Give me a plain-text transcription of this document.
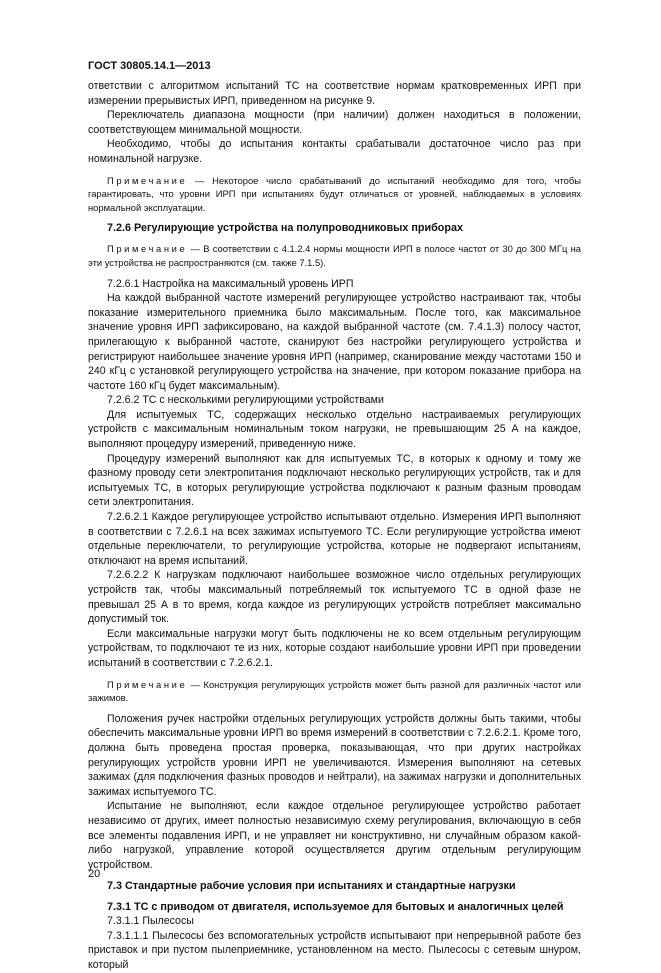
ГОСТ 30805.14.1—2013

ответствии с алгоритмом испытаний ТС на соответствие нормам кратковременных ИРП при измерении прерывистых ИРП, приведенном на рисунке 9.

Переключатель диапазона мощности (при наличии) должен находиться в положении, соответствующем минимальной мощности.

Необходимо, чтобы до испытания контакты срабатывали достаточное число раз при номинальной нагрузке.

Примечание — Некоторое число срабатываний до испытаний необходимо для того, чтобы гарантировать, что уровни ИРП при испытаниях будут отличаться от уровней, наблюдаемых в условиях нормальной эксплуатации.

7.2.6 Регулирующие устройства на полупроводниковых приборах

Примечание — В соответствии с 4.1.2.4 нормы мощности ИРП в полосе частот от 30 до 300 МГц на эти устройства не распространяются (см. также 7.1.5).

7.2.6.1 Настройка на максимальный уровень ИРП

На каждой выбранной частоте измерений регулирующее устройство настраивают так, чтобы показание измерительного приемника было максимальным. После того, как максимальное значение уровня ИРП зафиксировано, на каждой выбранной частоте (см. 7.4.1.3) полосу частот, прилегающую к выбранной частоте, сканируют без настройки регулирующего устройства и регистрируют наибольшее значение уровня ИРП (например, сканирование между частотами 150 и 240 кГц с установкой регулирующего устройства на значение, при котором показание прибора на частоте 160 кГц будет максимальным).

7.2.6.2 ТС с несколькими регулирующими устройствами

Для испытуемых ТС, содержащих несколько отдельно настраиваемых регулирующих устройств с максимальным номинальным током нагрузки, не превышающим 25 А на каждое, выполняют процедуру измерений, приведенную ниже.

Процедуру измерений выполняют как для испытуемых ТС, в которых к одному и тому же фазному проводу сети электропитания подключают несколько регулирующих устройств, так и для испытуемых ТС, в которых регулирующие устройства подключают к разным фазным проводам сети электропитания.

7.2.6.2.1 Каждое регулирующее устройство испытывают отдельно. Измерения ИРП выполняют в соответствии с 7.2.6.1 на всех зажимах испытуемого ТС. Если регулирующие устройства имеют отдельные переключатели, то регулирующие устройства, которые не подвергают испытаниям, отключают на время испытаний.

7.2.6.2.2 К нагрузкам подключают наибольшее возможное число отдельных регулирующих устройств так, чтобы максимальный потребляемый ток испытуемого ТС в одной фазе не превышал 25 А в то время, когда каждое из регулирующих устройств потребляет максимально допустимый ток.

Если максимальные нагрузки могут быть подключены не ко всем отдельным регулирующим устройствам, то подключают те из них, которые создают наибольшие уровни ИРП при проведении испытаний в соответствии с 7.2.6.2.1.

Примечание — Конструкция регулирующих устройств может быть разной для различных частот или зажимов.

Положения ручек настройки отдельных регулирующих устройств должны быть такими, чтобы обеспечить максимальные уровни ИРП во время измерений в соответствии с 7.2.6.2.1. Кроме того, должна быть проведена простая проверка, показывающая, что при других настройках регулирующих устройств уровни ИРП не увеличиваются. Измерения выполняют на сетевых зажимах (для подключения фазных проводов и нейтрали), на зажимах нагрузки и дополнительных зажимах испытуемого ТС.

Испытание не выполняют, если каждое отдельное регулирующее устройство работает независимо от других, имеет полностью независимую схему регулирования, включающую в себя все элементы подавления ИРП, и не управляет ни конструктивно, ни случайным образом какой-либо нагрузкой, управление которой осуществляется другим отдельным регулирующим устройством.

7.3 Стандартные рабочие условия при испытаниях и стандартные нагрузки
7.3.1 ТС с приводом от двигателя, используемое для бытовых и аналогичных целей

7.3.1.1 Пылесосы

7.3.1.1.1 Пылесосы без вспомогательных устройств испытывают при непрерывной работе без приставок и при пустом пылеприемнике, установленном на место. Пылесосы с сетевым шнуром, который

20
